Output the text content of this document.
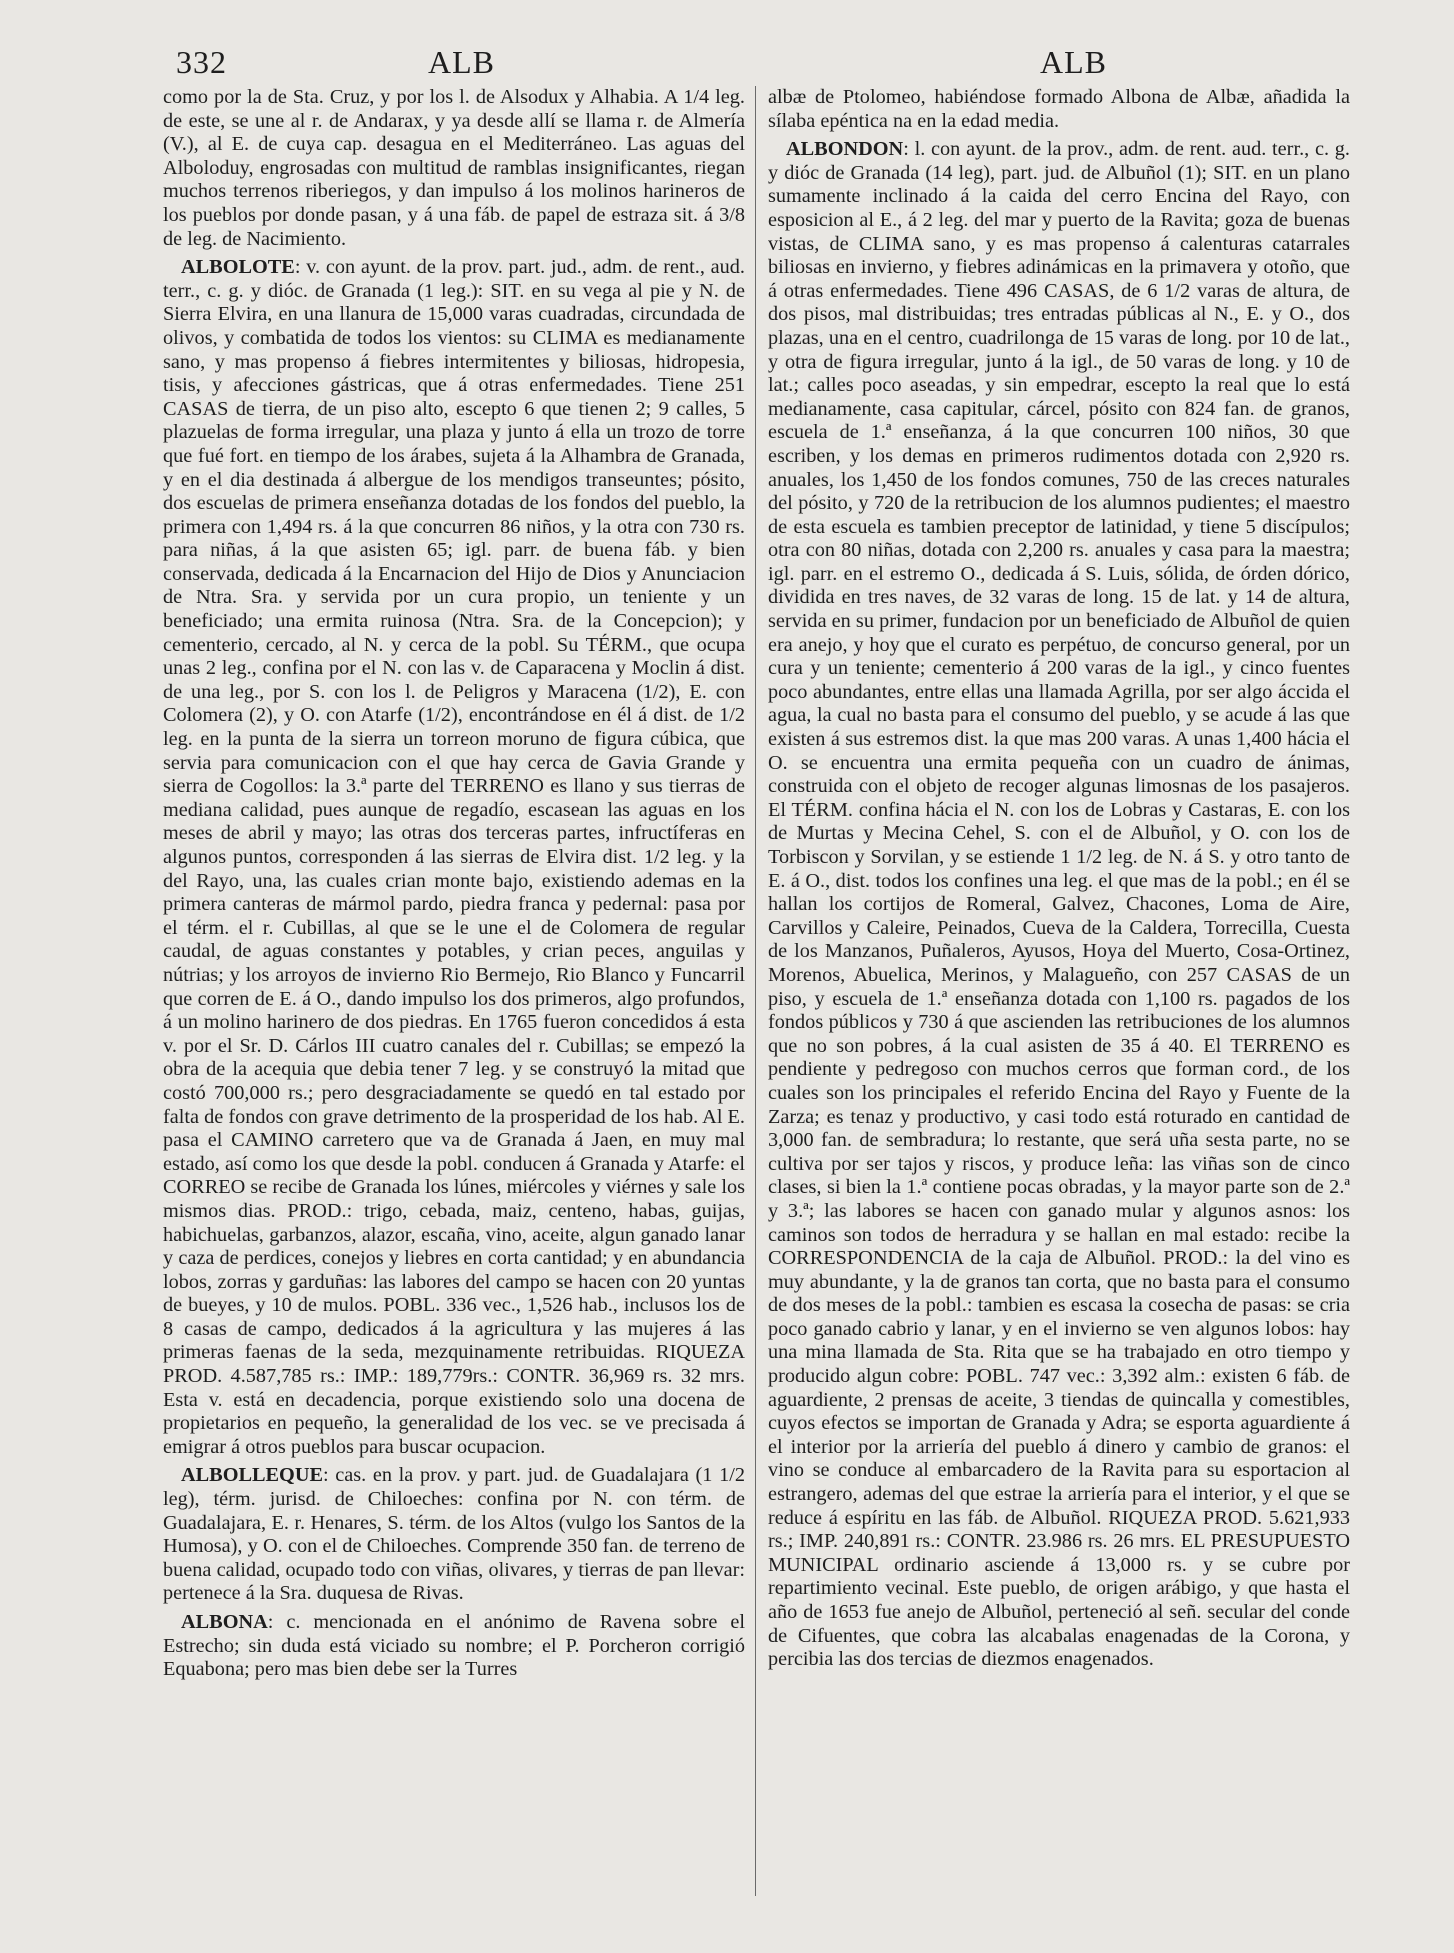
332	ALB	ALB

como por la de Sta. Cruz, y por los l. de Alsodux y Alhabia. A 1/4 leg. de este, se une al r. de Andarax, y ya desde allí se llama r. de Almería (V.), al E. de cuya cap. desagua en el Mediterráneo. Las aguas del Alboloduy, engrosadas con multitud de ramblas insignificantes, riegan muchos terrenos riberiegos, y dan impulso á los molinos harineros de los pueblos por donde pasan, y á una fáb. de papel de estraza sit. á 3/8 de leg. de Nacimiento.

ALBOLOTE: v. con ayunt. de la prov. part. jud., adm. de rent., aud. terr., c. g. y dióc. de Granada (1 leg.): SIT. en su vega al pie y N. de Sierra Elvira, en una llanura de 15,000 varas cuadradas, circundada de olivos, y combatida de todos los vientos: su CLIMA es medianamente sano, y mas propenso á fiebres intermitentes y biliosas, hidropesia, tisis, y afecciones gástricas, que á otras enfermedades. Tiene 251 CASAS de tierra, de un piso alto, escepto 6 que tienen 2; 9 calles, 5 plazuelas de forma irregular, una plaza y junto á ella un trozo de torre que fué fort. en tiempo de los árabes, sujeta á la Alhambra de Granada, y en el dia destinada á albergue de los mendigos transeuntes; pósito, dos escuelas de primera enseñanza dotadas de los fondos del pueblo, la primera con 1,494 rs. á la que concurren 86 niños, y la otra con 730 rs. para niñas, á la que asisten 65; igl. parr. de buena fáb. y bien conservada, dedicada á la Encarnacion del Hijo de Dios y Anunciacion de Ntra. Sra. y servida por un cura propio, un teniente y un beneficiado; una ermita ruinosa (Ntra. Sra. de la Concepcion); y cementerio, cercado, al N. y cerca de la pobl. Su TÉRM., que ocupa unas 2 leg., confina por el N. con las v. de Caparacena y Moclin á dist. de una leg., por S. con los l. de Peligros y Maracena (1/2), E. con Colomera (2), y O. con Atarfe (1/2), encontrándose en él á dist. de 1/2 leg. en la punta de la sierra un torreon moruno de figura cúbica, que servia para comunicacion con el que hay cerca de Gavia Grande y sierra de Cogollos: la 3.ª parte del TERRENO es llano y sus tierras de mediana calidad, pues aunque de regadío, escasean las aguas en los meses de abril y mayo; las otras dos terceras partes, infructíferas en algunos puntos, corresponden á las sierras de Elvira dist. 1/2 leg. y la del Rayo, una, las cuales crian monte bajo, existiendo ademas en la primera canteras de mármol pardo, piedra franca y pedernal: pasa por el térm. el r. Cubillas, al que se le une el de Colomera de regular caudal, de aguas constantes y potables, y crian peces, anguilas y nútrias; y los arroyos de invierno Rio Bermejo, Rio Blanco y Funcarril que corren de E. á O., dando impulso los dos primeros, algo profundos, á un molino harinero de dos piedras. En 1765 fueron concedidos á esta v. por el Sr. D. Cárlos III cuatro canales del r. Cubillas; se empezó la obra de la acequia que debia tener 7 leg. y se construyó la mitad que costó 700,000 rs.; pero desgraciadamente se quedó en tal estado por falta de fondos con grave detrimento de la prosperidad de los hab. Al E. pasa el CAMINO carretero que va de Granada á Jaen, en muy mal estado, así como los que desde la pobl. conducen á Granada y Atarfe: el CORREO se recibe de Granada los lúnes, miércoles y viérnes y sale los mismos dias. PROD.: trigo, cebada, maiz, centeno, habas, guijas, habichuelas, garbanzos, alazor, escaña, vino, aceite, algun ganado lanar y caza de perdices, conejos y liebres en corta cantidad; y en abundancia lobos, zorras y garduñas: las labores del campo se hacen con 20 yuntas de bueyes, y 10 de mulos. POBL. 336 vec., 1,526 hab., inclusos los de 8 casas de campo, dedicados á la agricultura y las mujeres á las primeras faenas de la seda, mezquinamente retribuidas. RIQUEZA PROD. 4.587,785 rs.: IMP.: 189,779rs.: CONTR. 36,969 rs. 32 mrs. Esta v. está en decadencia, porque existiendo solo una docena de propietarios en pequeño, la generalidad de los vec. se ve precisada á emigrar á otros pueblos para buscar ocupacion.

ALBOLLEQUE: cas. en la prov. y part. jud. de Guadalajara (1 1/2 leg), térm. jurisd. de Chiloeches: confina por N. con térm. de Guadalajara, E. r. Henares, S. térm. de los Altos (vulgo los Santos de la Humosa), y O. con el de Chiloeches. Comprende 350 fan. de terreno de buena calidad, ocupado todo con viñas, olivares, y tierras de pan llevar: pertenece á la Sra. duquesa de Rivas.

ALBONA: c. mencionada en el anónimo de Ravena sobre el Estrecho; sin duda está viciado su nombre; el P. Porcheron corrigió Equabona; pero mas bien debe ser la Turres

albæ de Ptolomeo, habiéndose formado Albona de Albæ, añadida la sílaba epéntica na en la edad media.

ALBONDON: l. con ayunt. de la prov., adm. de rent. aud. terr., c. g. y dióc de Granada (14 leg), part. jud. de Albuñol (1); SIT. en un plano sumamente inclinado á la caida del cerro Encina del Rayo, con esposicion al E., á 2 leg. del mar y puerto de la Ravita; goza de buenas vistas, de CLIMA sano, y es mas propenso á calenturas catarrales biliosas en invierno, y fiebres adinámicas en la primavera y otoño, que á otras enfermedades. Tiene 496 CASAS, de 6 1/2 varas de altura, de dos pisos, mal distribuidas; tres entradas públicas al N., E. y O., dos plazas, una en el centro, cuadrilonga de 15 varas de long. por 10 de lat., y otra de figura irregular, junto á la igl., de 50 varas de long. y 10 de lat.; calles poco aseadas, y sin empedrar, escepto la real que lo está medianamente, casa capitular, cárcel, pósito con 824 fan. de granos, escuela de 1.ª enseñanza, á la que concurren 100 niños, 30 que escriben, y los demas en primeros rudimentos dotada con 2,920 rs. anuales, los 1,450 de los fondos comunes, 750 de las creces naturales del pósito, y 720 de la retribucion de los alumnos pudientes; el maestro de esta escuela es tambien preceptor de latinidad, y tiene 5 discípulos; otra con 80 niñas, dotada con 2,200 rs. anuales y casa para la maestra; igl. parr. en el estremo O., dedicada á S. Luis, sólida, de órden dórico, dividida en tres naves, de 32 varas de long. 15 de lat. y 14 de altura, servida en su primer, fundacion por un beneficiado de Albuñol de quien era anejo, y hoy que el curato es perpétuo, de concurso general, por un cura y un teniente; cementerio á 200 varas de la igl., y cinco fuentes poco abundantes, entre ellas una llamada Agrilla, por ser algo áccida el agua, la cual no basta para el consumo del pueblo, y se acude á las que existen á sus estremos dist. la que mas 200 varas. A unas 1,400 hácia el O. se encuentra una ermita pequeña con un cuadro de ánimas, construida con el objeto de recoger algunas limosnas de los pasajeros. El TÉRM. confina hácia el N. con los de Lobras y Castaras, E. con los de Murtas y Mecina Cehel, S. con el de Albuñol, y O. con los de Torbiscon y Sorvilan, y se estiende 1 1/2 leg. de N. á S. y otro tanto de E. á O., dist. todos los confines una leg. el que mas de la pobl.; en él se hallan los cortijos de Romeral, Galvez, Chacones, Loma de Aire, Carvillos y Caleire, Peinados, Cueva de la Caldera, Torrecilla, Cuesta de los Manzanos, Puñaleros, Ayusos, Hoya del Muerto, Cosa-Ortinez, Morenos, Abuelica, Merinos, y Malagueño, con 257 CASAS de un piso, y escuela de 1.ª enseñanza dotada con 1,100 rs. pagados de los fondos públicos y 730 á que ascienden las retribuciones de los alumnos que no son pobres, á la cual asisten de 35 á 40. El TERRENO es pendiente y pedregoso con muchos cerros que forman cord., de los cuales son los principales el referido Encina del Rayo y Fuente de la Zarza; es tenaz y productivo, y casi todo está roturado en cantidad de 3,000 fan. de sembradura; lo restante, que será uña sesta parte, no se cultiva por ser tajos y riscos, y produce leña: las viñas son de cinco clases, si bien la 1.ª contiene pocas obradas, y la mayor parte son de 2.ª y 3.ª; las labores se hacen con ganado mular y algunos asnos: los caminos son todos de herradura y se hallan en mal estado: recibe la CORRESPONDENCIA de la caja de Albuñol. PROD.: la del vino es muy abundante, y la de granos tan corta, que no basta para el consumo de dos meses de la pobl.: tambien es escasa la cosecha de pasas: se cria poco ganado cabrio y lanar, y en el invierno se ven algunos lobos: hay una mina llamada de Sta. Rita que se ha trabajado en otro tiempo y producido algun cobre: POBL. 747 vec.: 3,392 alm.: existen 6 fáb. de aguardiente, 2 prensas de aceite, 3 tiendas de quincalla y comestibles, cuyos efectos se importan de Granada y Adra; se esporta aguardiente á el interior por la arriería del pueblo á dinero y cambio de granos: el vino se conduce al embarcadero de la Ravita para su esportacion al estrangero, ademas del que estrae la arriería para el interior, y el que se reduce á espíritu en las fáb. de Albuñol. RIQUEZA PROD. 5.621,933 rs.; IMP. 240,891 rs.: CONTR. 23.986 rs. 26 mrs. EL PRESUPUESTO MUNICIPAL ordinario asciende á 13,000 rs. y se cubre por repartimiento vecinal. Este pueblo, de origen arábigo, y que hasta el año de 1653 fue anejo de Albuñol, perteneció al señ. secular del conde de Cifuentes, que cobra las alcabalas enagenadas de la Corona, y percibia las dos tercias de diezmos enagenados.
